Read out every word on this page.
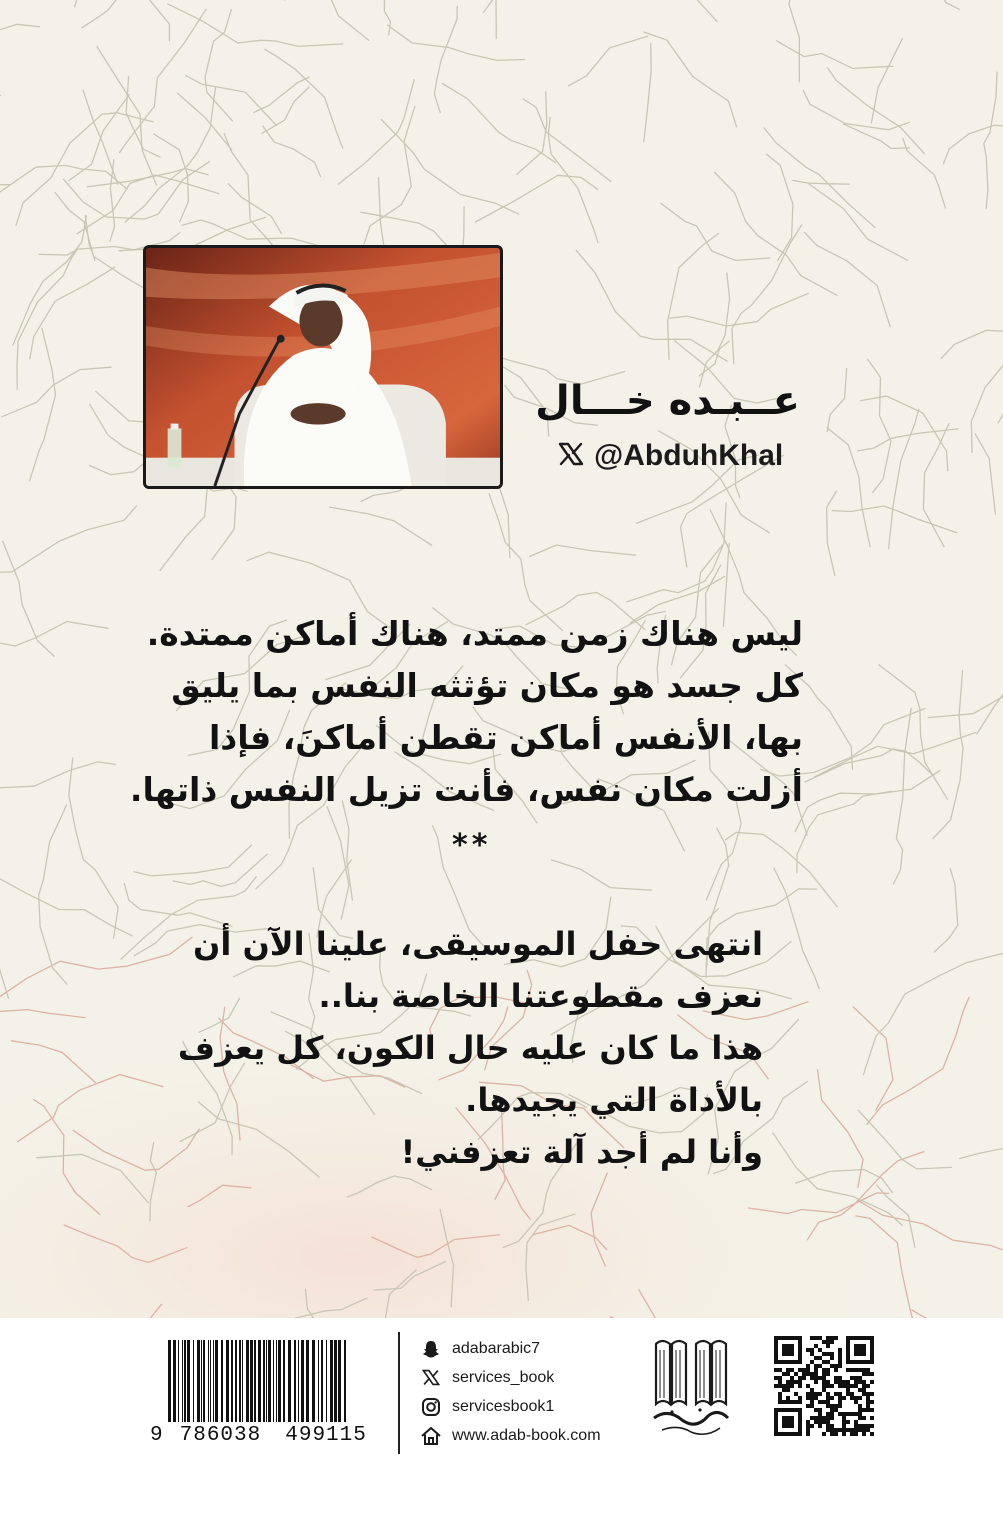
عــبـده خـــال
@AbduhKhal
ليس هناك زمن ممتد، هناك أماكن ممتدة.
كل جسد هو مكان تؤثثه النفس بما يليق
بها، الأنفس أماكن تقطن أماكنَ، فإذا
أزلت مكان نفس، فأنت تزيل النفس ذاتها.
**
انتهى حفل الموسيقى، علينا الآن أن
نعزف مقطوعتنا الخاصة بنا..
هذا ما كان عليه حال الكون، كل يعزف
بالأداة التي يجيدها.
وأنا لم أجد آلة تعزفني!
9 786038 499115
adabarabic7
services_book
servicesbook1
www.adab-book.com
